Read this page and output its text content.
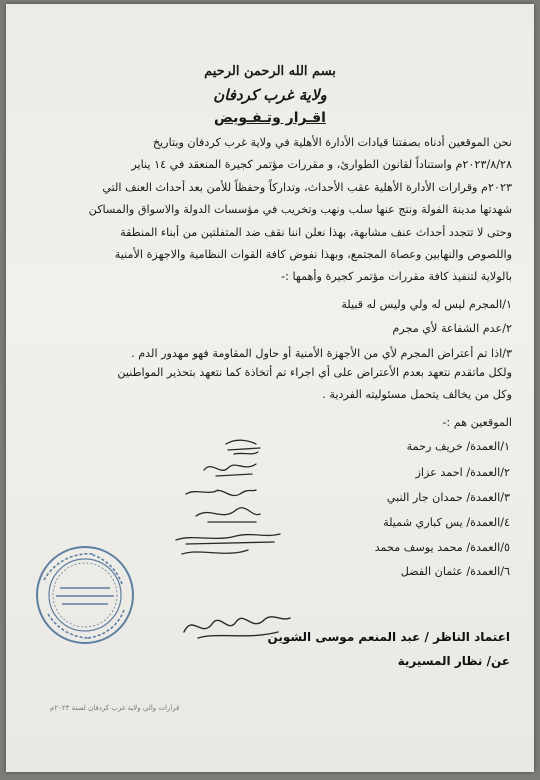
بسم الله الرحمن الرحيم
ولاية غرب كردفان
اقـرار وتـفـويض
نحن الموقعين أدناه بصفتنا قيادات الأدارة الأهلية في ولاية غرب كردفان وبتاريخ
٢٠٢٣/٨/٢٨م واستناداً لقانون الطوارئ، و مقررات مؤتمر كجيرة المنعقد في ١٤ يناير
٢٠٢٣م وقرارات الأدارة الأهلية عقب الأحداث، وتداركاً وحفظاً للأمن بعد أحداث العنف التي
شهدتها مدينة الفولة ونتج عنها سلب ونهب وتخريب في مؤسسات الدولة والاسواق والمساكن
وحتى لا تتجدد أحداث عنف مشابهة، بهذا نعلن اننا نقف ضد المتفلتين من أبناء المنطقة
واللصوص والنهابين وعصاة المجتمع، وبهذا نفوض كافة القوات النظامية والاجهزة الأمنية
بالولاية لتنفيذ كافة مقررات مؤتمر كجيرة وأهمها :-
١/المجرم ليس له ولي وليس له قبيلة
٢/عدم الشفاعة لأي مجرم
٣/اذا تم أعتراض المجرم لأي من الأجهزة الأمنية أو حاول المقاومة فهو مهدور الدم .
ولكل ماتقدم نتعهد بعدم الأعتراض على أي اجراء تم أتخاذة كما نتعهد بتحذير المواطنين
وكل من يخالف يتحمل مسئوليته الفردية .
الموقعين هم :-
١/العمدة/ خريف رحمة
٢/العمدة/ احمد عزاز
٣/العمدة/ حمدان جار النبي
٤/العمدة/ يس كباري شميلة
٥/العمدة/ محمد يوسف محمد
٦/العمدة/ عثمان الفضل
اعتماد الناظر / عبد المنعم موسى الشوين
عن/ نظار المسيرية
قرارات والي ولاية غرب كردفان لسنة ٢٠٢٣م
